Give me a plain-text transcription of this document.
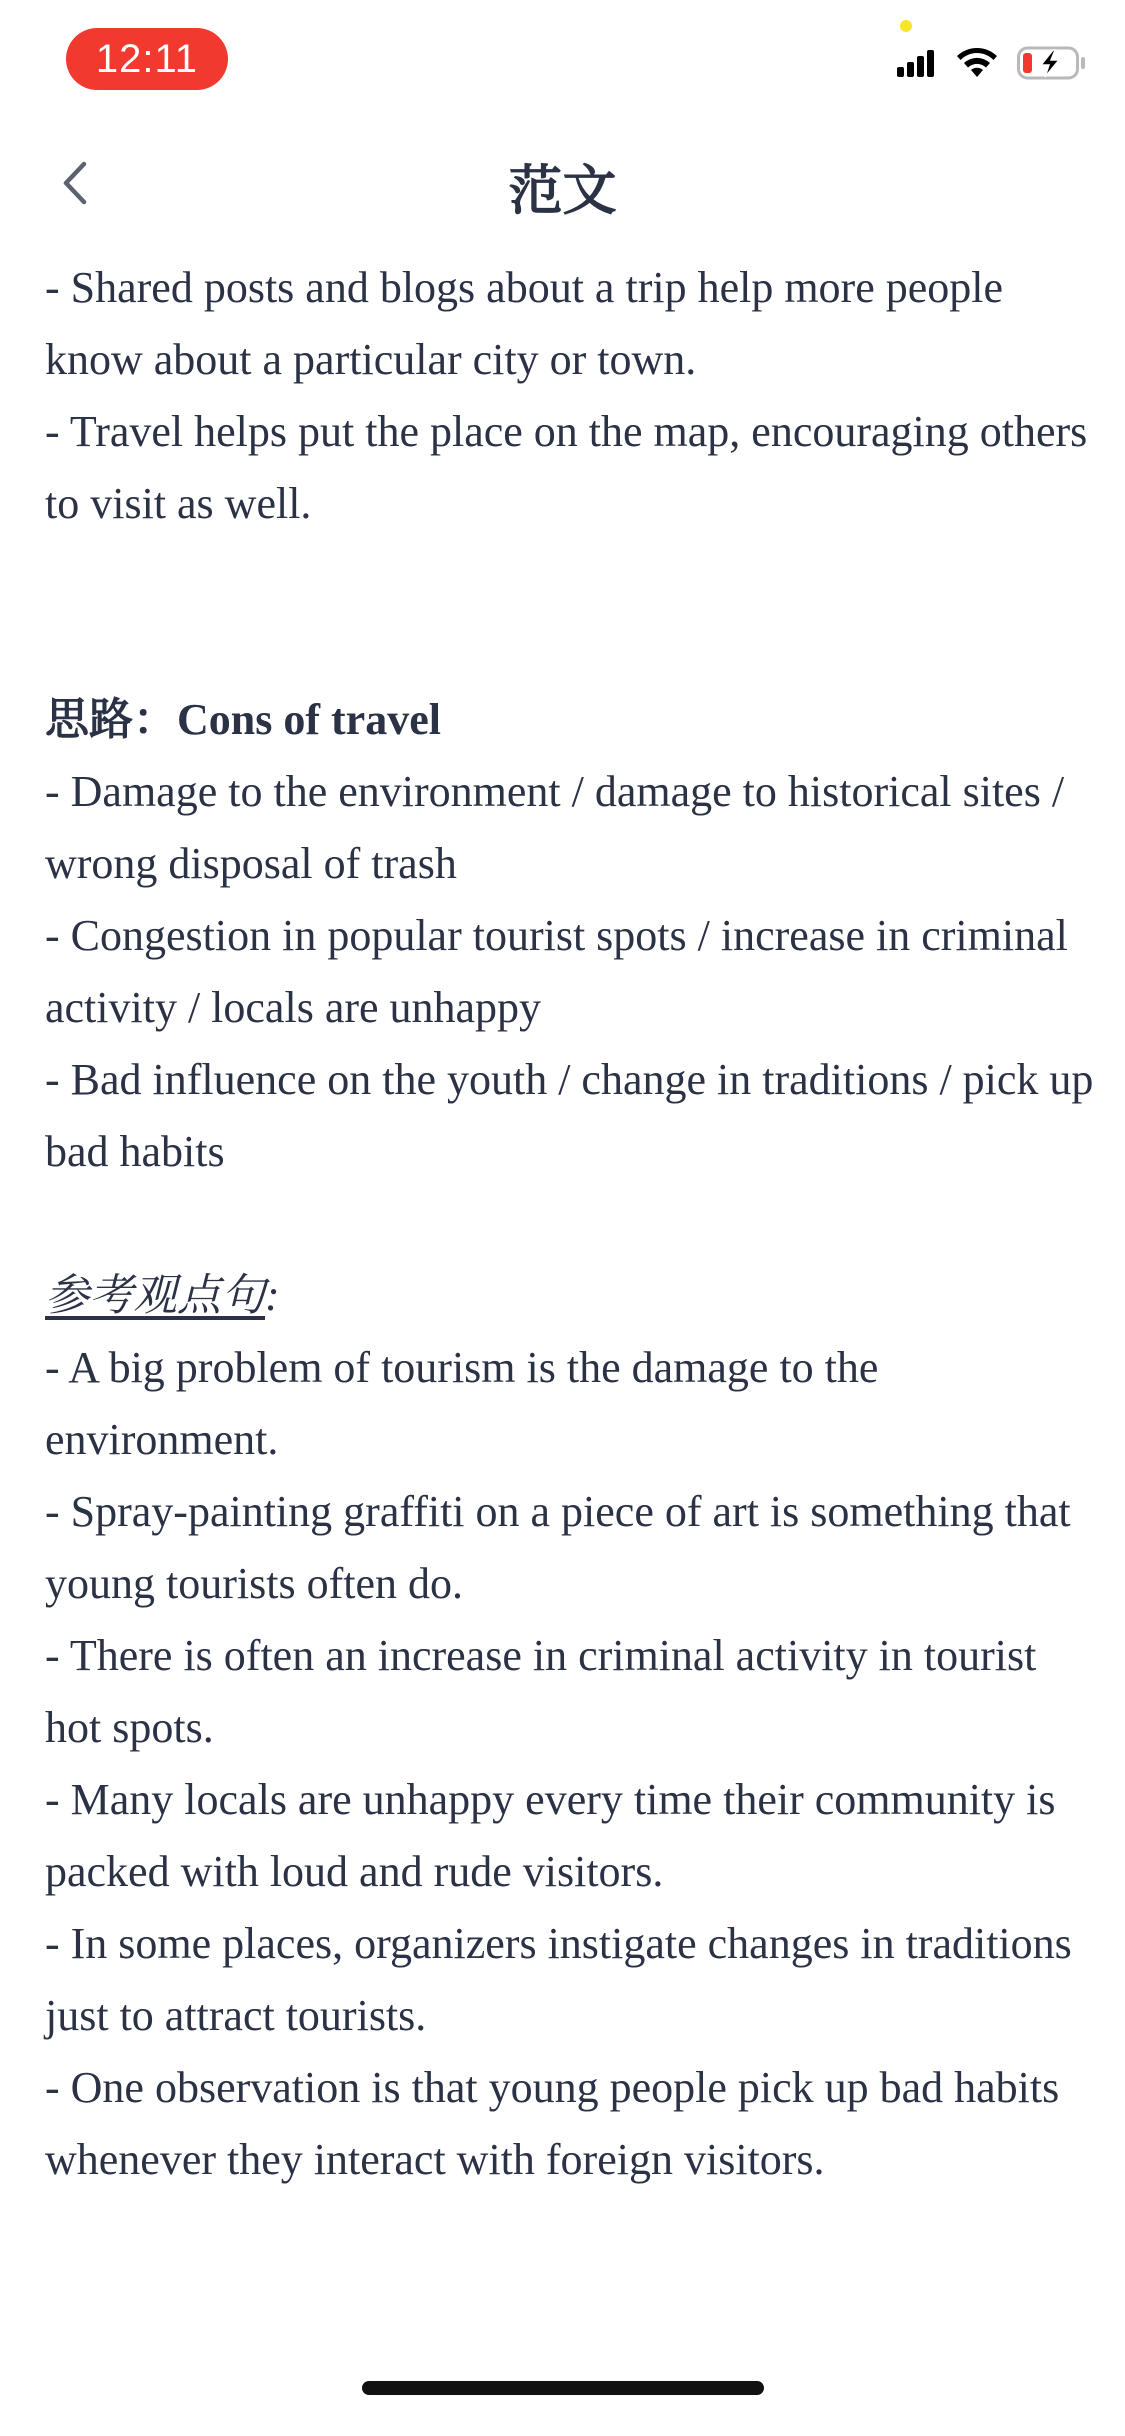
12:11
范文

- Shared posts and blogs about a trip help more people know about a particular city or town.

- Travel helps put the place on the map, encouraging others to visit as well.

思路：Cons of travel

- Damage to the environment / damage to historical sites / wrong disposal of trash

- Congestion in popular tourist spots / increase in criminal activity / locals are unhappy

- Bad influence on the youth / change in traditions / pick up bad habits

参考观点句:

- A big problem of tourism is the damage to the environment.

- Spray-painting graffiti on a piece of art is something that young tourists often do.

- There is often an increase in criminal activity in tourist hot spots.

- Many locals are unhappy every time their community is packed with loud and rude visitors.

- In some places, organizers instigate changes in traditions just to attract tourists.

- One observation is that young people pick up bad habits whenever they interact with foreign visitors.
